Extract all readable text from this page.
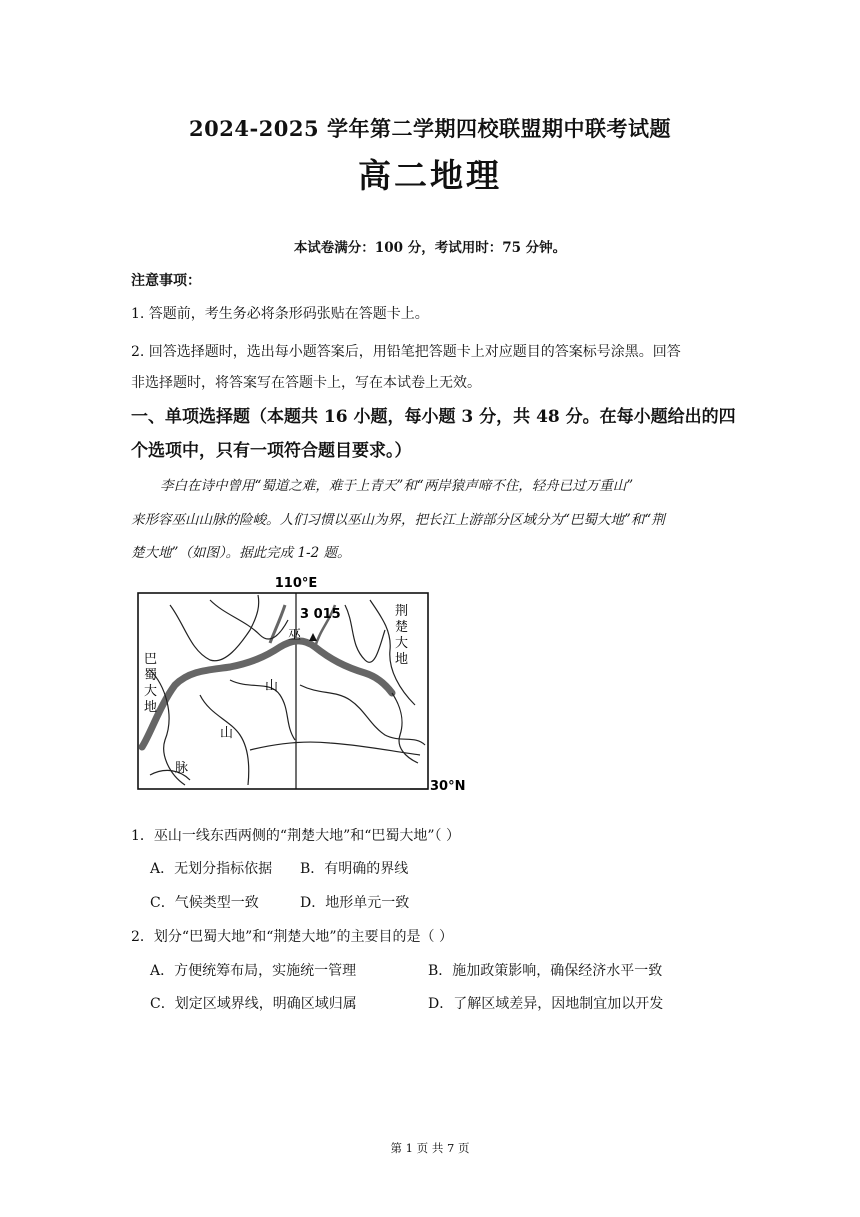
2024-2025 学年第二学期四校联盟期中联考试题
高二地理
本试卷满分：100 分，考试用时：75 分钟。
注意事项：
1. 答题前，考生务必将条形码张贴在答题卡上。
2. 回答选择题时，选出每小题答案后，用铅笔把答题卡上对应题目的答案标号涂黑。回答
非选择题时，将答案写在答题卡上，写在本试卷上无效。
一、单项选择题（本题共 16 小题，每小题 3 分，共 48 分。在每小题给出的四
个选项中，只有一项符合题目要求。）
李白在诗中曾用“蜀道之难，难于上青天”和“两岸猿声啼不住，轻舟已过万重山”
来形容巫山山脉的险峻。人们习惯以巫山为界，把长江上游部分区域分为“巴蜀大地”和“荆
楚大地”（如图）。据此完成 1-2 题。
110°E
30°N
3 015
巫
山
山
脉
巴
蜀
大
地
荆
楚
大
地
1．巫山一线东西两侧的“荆楚大地”和“巴蜀大地”（ ）
A．无划分指标依据 B．有明确的界线
C．气候类型一致	D．地形单元一致
2．划分“巴蜀大地”和“荆楚大地”的主要目的是（ ）
A．方便统筹布局，实施统一管理	B．施加政策影响，确保经济水平一致
C．划定区域界线，明确区域归属	D．了解区域差异，因地制宜加以开发
第 1 页 共 7 页
